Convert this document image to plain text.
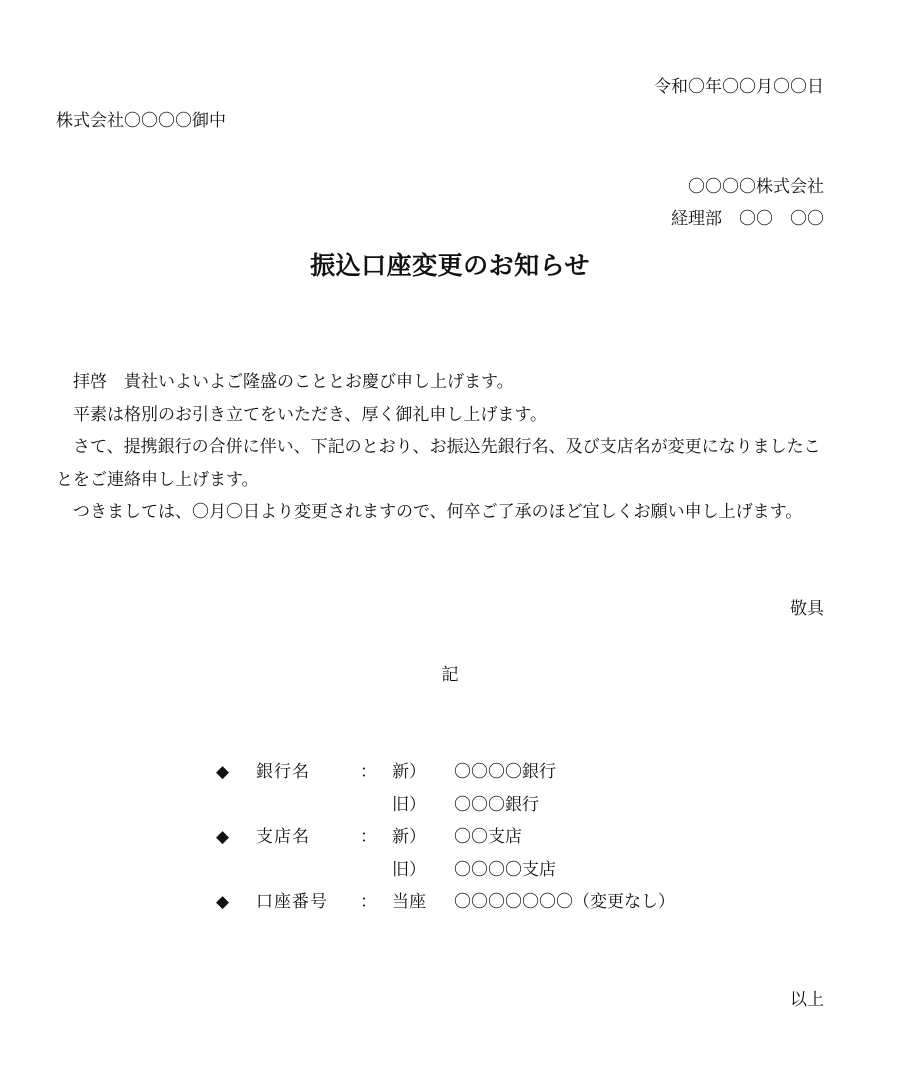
令和〇年〇〇月〇〇日
株式会社〇〇〇〇御中
〇〇〇〇株式会社
経理部　〇〇　〇〇
振込口座変更のお知らせ

拝啓　貴社いよいよご隆盛のこととお慶び申し上げます。

平素は格別のお引き立てをいただき、厚く御礼申し上げます。

さて、提携銀行の合併に伴い、下記のとおり、お振込先銀行名、及び支店名が変更になりましたことをご連絡申し上げます。

つきましては、〇月〇日より変更されますので、何卒ご了承のほど宜しくお願い申し上げます。

敬具
記
◆	銀行名	： 新）	〇〇〇〇銀行
旧）	〇〇〇銀行
◆	支店名	： 新）	〇〇支店
旧）	〇〇〇〇支店
◆	口座番号	： 当座	〇〇〇〇〇〇〇（変更なし）
以上
